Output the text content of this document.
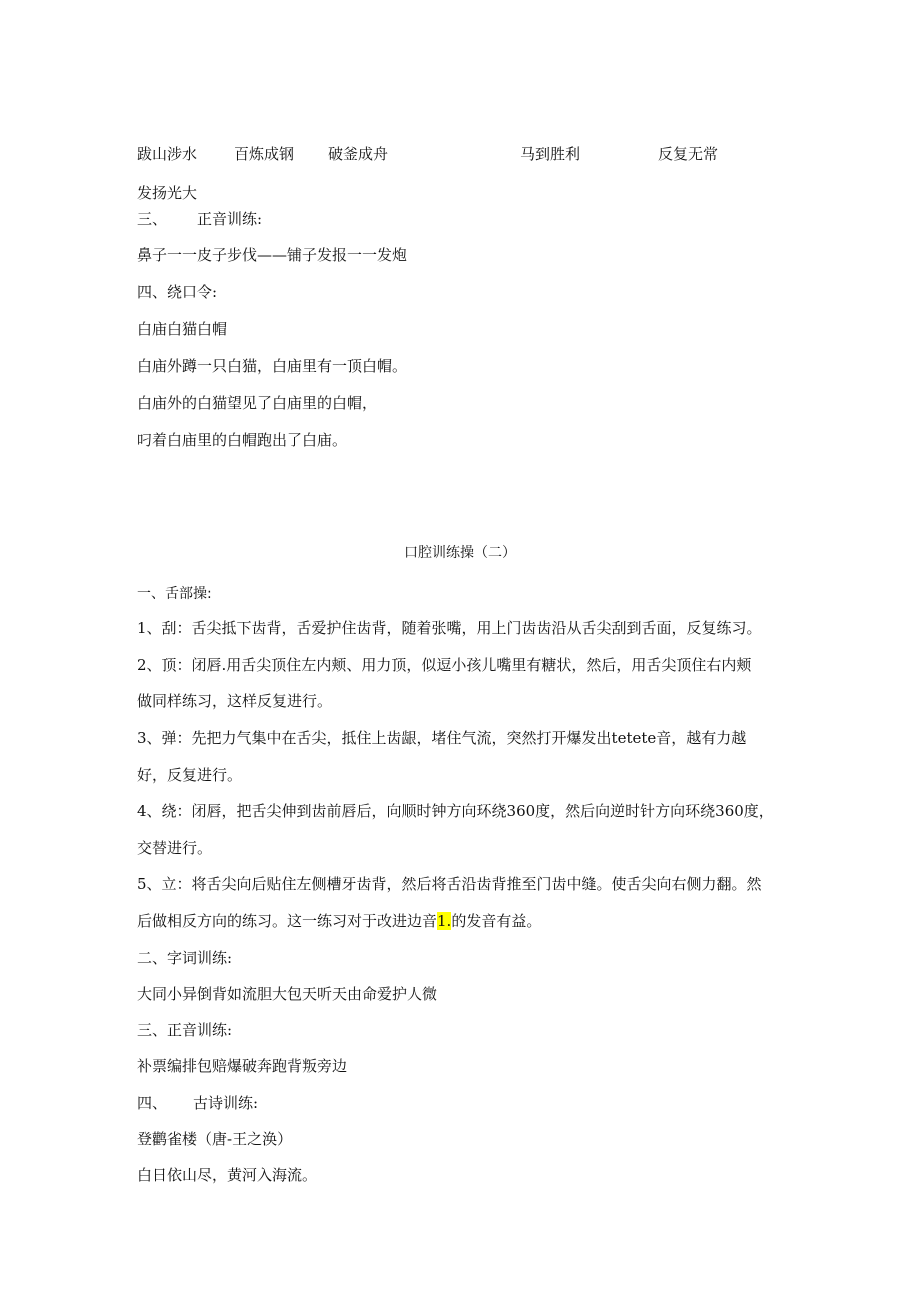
跋山涉水 百炼成钢 破釜成舟	马到胜利	反复无常
发扬光大
三、 正音训练:
鼻子一一皮子步伐——铺子发报一一发炮
四、绕口令:
白庙白猫白帽
白庙外蹲一只白猫，白庙里有一顶白帽。
白庙外的白猫望见了白庙里的白帽，
叼着白庙里的白帽跑出了白庙。
口腔训练操（二）
一、舌部操:
1、刮：舌尖抵下齿背，舌爱护住齿背，随着张嘴，用上门齿齿沿从舌尖刮到舌面，反复练习。
2、顶：闭唇.用舌尖顶住左内颊、用力顶，似逗小孩儿嘴里有糖状，然后，用舌尖顶住右内颊
做同样练习，这样反复进行。
3、弹：先把力气集中在舌尖，抵住上齿龈，堵住气流，突然打开爆发出tetete音，越有力越
好，反复进行。
4、绕：闭唇，把舌尖伸到齿前唇后，向顺时钟方向环绕360度，然后向逆时针方向环绕360度，
交替进行。
5、立：将舌尖向后贴住左侧槽牙齿背，然后将舌沿齿背推至门齿中缝。使舌尖向右侧力翻。然
后做相反方向的练习。这一练习对于改进边音1.的发音有益。
二、字词训练:
大同小异倒背如流胆大包天听天由命爱护人微
三、正音训练:
补票编排包赔爆破奔跑背叛旁边
四、 古诗训练:
登鹳雀楼（唐-王之涣）
白日依山尽，黄河入海流。
